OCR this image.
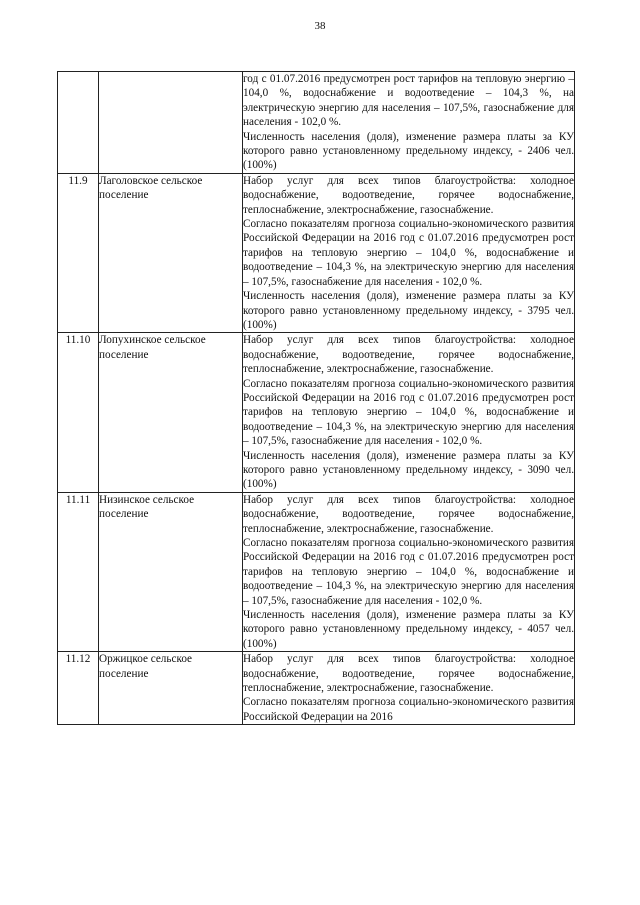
38

		год с 01.07.2016 предусмотрен рост тарифов на тепловую энергию – 104,0 %, водоснабжение и водоотведение – 104,3 %, на электрическую энергию для населения – 107,5%, газоснабжение для населения - 102,0 %.

Численность населения (доля), изменение размера платы за КУ которого равно установленному предельному индексу, - 2406 чел. (100%)

11.9	Лаголовское сельское поселение	Набор услуг для всех типов благоустройства: холодное водоснабжение, водоотведение, горячее водоснабжение, теплоснабжение, электроснабжение, газоснабжение.

Согласно показателям прогноза социально-экономического развития Российской Федерации на 2016 год с 01.07.2016 предусмотрен рост тарифов на тепловую энергию – 104,0 %, водоснабжение и водоотведение – 104,3 %, на электрическую энергию для населения – 107,5%, газоснабжение для населения - 102,0 %.

Численность населения (доля), изменение размера платы за КУ которого равно установленному предельному индексу, - 3795 чел. (100%)

11.10	Лопухинское сельское поселение	Набор услуг для всех типов благоустройства: холодное водоснабжение, водоотведение, горячее водоснабжение, теплоснабжение, электроснабжение, газоснабжение.

Согласно показателям прогноза социально-экономического развития Российской Федерации на 2016 год с 01.07.2016 предусмотрен рост тарифов на тепловую энергию – 104,0 %, водоснабжение и водоотведение – 104,3 %, на электрическую энергию для населения – 107,5%, газоснабжение для населения - 102,0 %.

Численность населения (доля), изменение размера платы за КУ которого равно установленному предельному индексу, - 3090 чел. (100%)

11.11	Низинское сельское поселение	Набор услуг для всех типов благоустройства: холодное водоснабжение, водоотведение, горячее водоснабжение, теплоснабжение, электроснабжение, газоснабжение.

Согласно показателям прогноза социально-экономического развития Российской Федерации на 2016 год с 01.07.2016 предусмотрен рост тарифов на тепловую энергию – 104,0 %, водоснабжение и водоотведение – 104,3 %, на электрическую энергию для населения – 107,5%, газоснабжение для населения - 102,0 %.

Численность населения (доля), изменение размера платы за КУ которого равно установленному предельному индексу, - 4057 чел. (100%)

11.12	Оржицкое сельское поселение	Набор услуг для всех типов благоустройства: холодное водоснабжение, водоотведение, горячее водоснабжение, теплоснабжение, электроснабжение, газоснабжение.

Согласно показателям прогноза социально-экономического развития Российской Федерации на 2016
